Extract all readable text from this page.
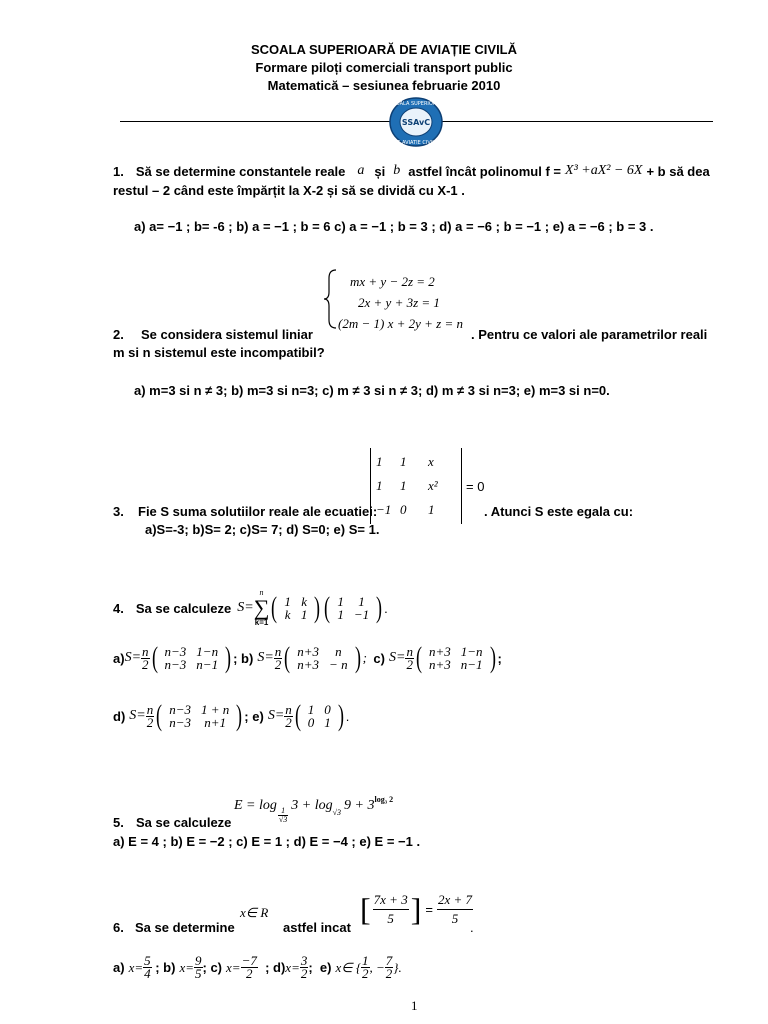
SCOALA SUPERIOARĂ DE AVIAȚIE CIVILĂ
Formare piloți comerciali transport public
Matematică – sesiunea februarie 2010
SCOALA SUPERIOARA
DE AVIATIE CIVILA
SSAvC
1. Să se determine constantele reale a și b astfel încât polinomul f = X³ +aX² − 6X + b să dea
restul – 2 când este împărțit la X-2 și să se dividă cu X-1 .
a) a= −1 ; b= -6 ; b) a = −1 ; b = 6 c) a = −1 ; b = 3 ; d) a = −6 ; b = −1 ; e) a = −6 ; b = 3 .
mx + y − 2z = 2
2x + y + 3z = 1
(2m − 1) x + 2y + z = n
2. Se considera sistemul liniar	. Pentru ce valori ale parametrilor reali
m si n sistemul este incompatibil?
a) m=3 si n ≠ 3; b) m=3 si n=3; c) m ≠ 3 si n ≠ 3; d) m ≠ 3 si n=3; e) m=3 si n=0.
1	1	x
1	1	x²
−1	0	1
= 0
3. Fie S suma solutiilor reale ale ecuatiei:	. Atunci S este egala cu:
a)S=-3; b)S= 2; c)S= 7; d) S=0; e) S= 1.
4. Sa se calculeze S=
n
∑
k=1 ( 1	k
k	1 ) ( 1	1
1	−1 ) .
a) $S= \frac{n}{2}$ ( n−3	1−n
n−3	n−1 ) ; b) $S= \frac{n}{2}$ ( n+3	n
n+3	− n ) ; c) $S= \frac{n}{2}$ ( n+3	1−n
n+3	n−1 ) ;
d) $S= \frac{n}{2}$ ( n−3	1 + n
n−3	n+1 ) ; e) $S= \frac{n}{2}$ ( 1	0
0	1 ) .
E = log
$\frac{1}{√3}$
3 + log √3 9 + 3 log₃ 2
5. Sa se calculeze
a) E = 4 ; b) E = −2 ; c) E = 1 ; d) E = −4 ; e) E = −1 .
[ $\frac{7x + 3}{5}$ ] = $\frac{2x + 7}{5}$
x∈ R
6. Sa se determine	astfel incat	.
a) $x= \frac{5}{4}$ ; b) $x= \frac{9}{5}$ ; c) $x= \frac{-7}{2}$ ; d) $x= \frac{3}{2}$ ; e) x∈ { $\frac{1}{2}$ , − $\frac{7}{2}$ }.
1
